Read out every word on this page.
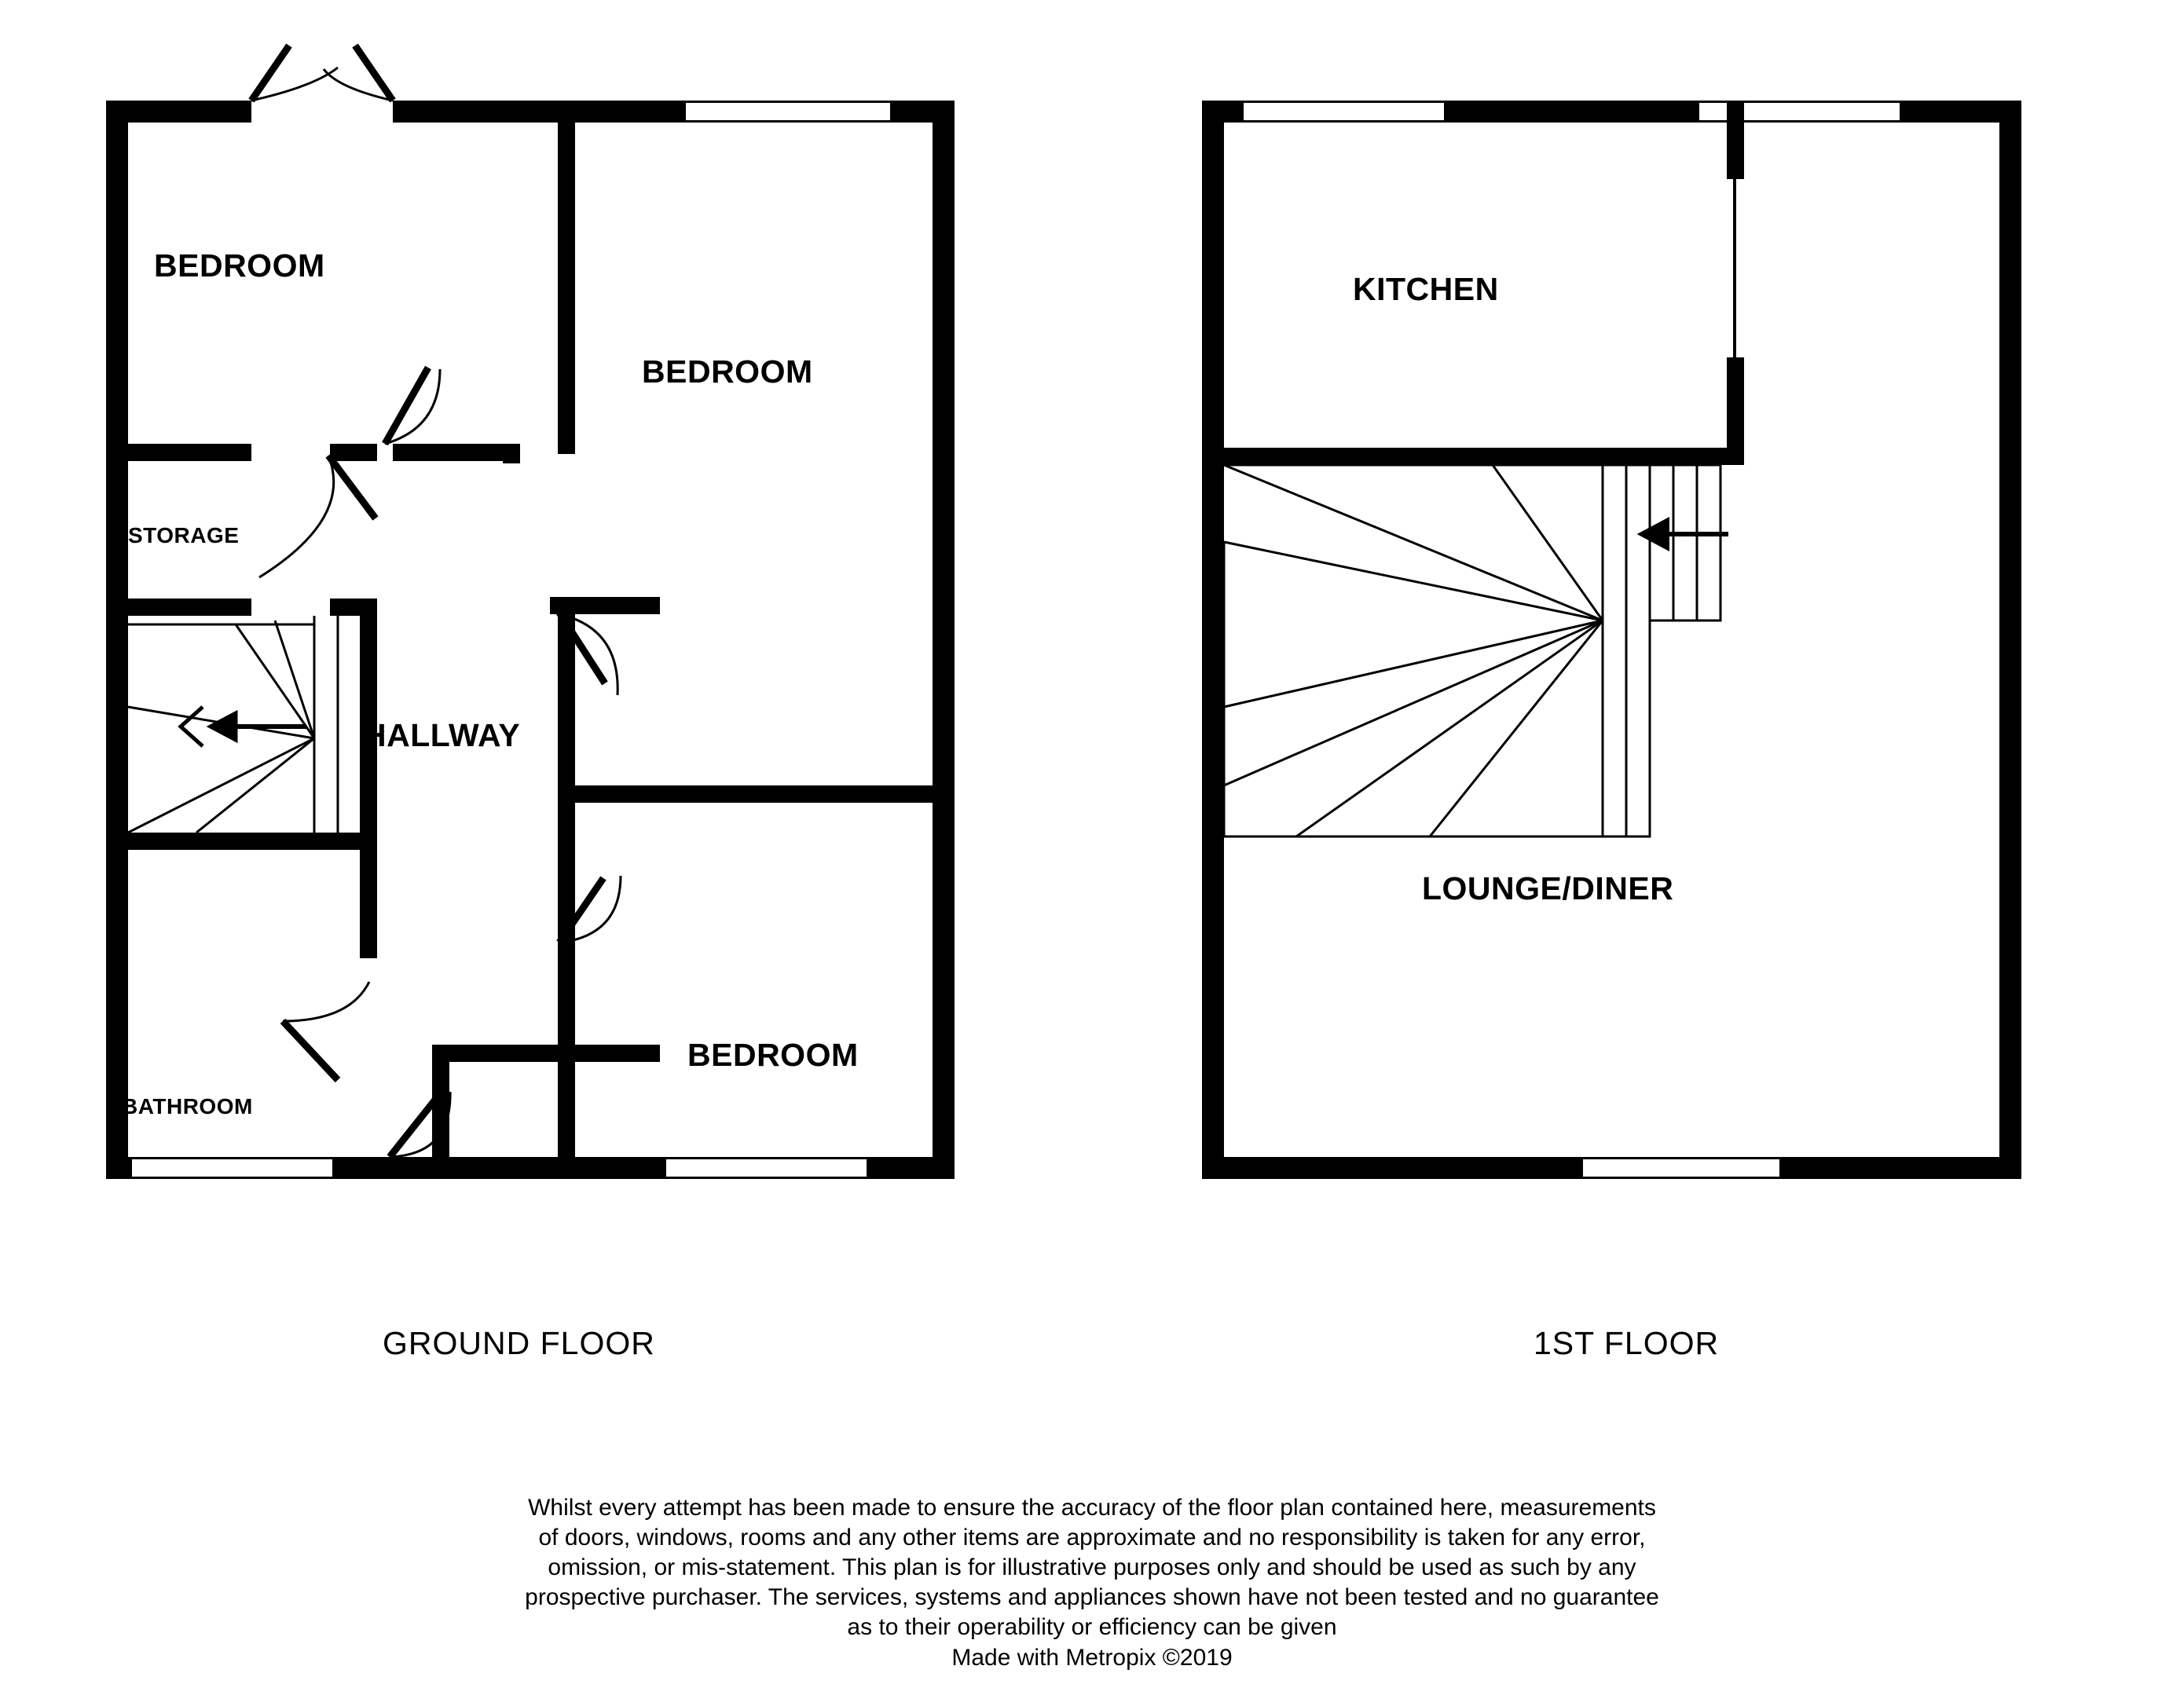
BEDROOM
BEDROOM
BEDROOM
HALLWAY
STORAGE
BATHROOM
KITCHEN
LOUNGE/DINER
GROUND FLOOR	1ST FLOOR
Whilst every attempt has been made to ensure the accuracy of the floor plan contained here, measurements
of doors, windows, rooms and any other items are approximate and no responsibility is taken for any error,
omission, or mis-statement. This plan is for illustrative purposes only and should be used as such by any
prospective purchaser. The services, systems and appliances shown have not been tested and no guarantee
as to their operability or efficiency can be given
Made with Metropix ©2019
